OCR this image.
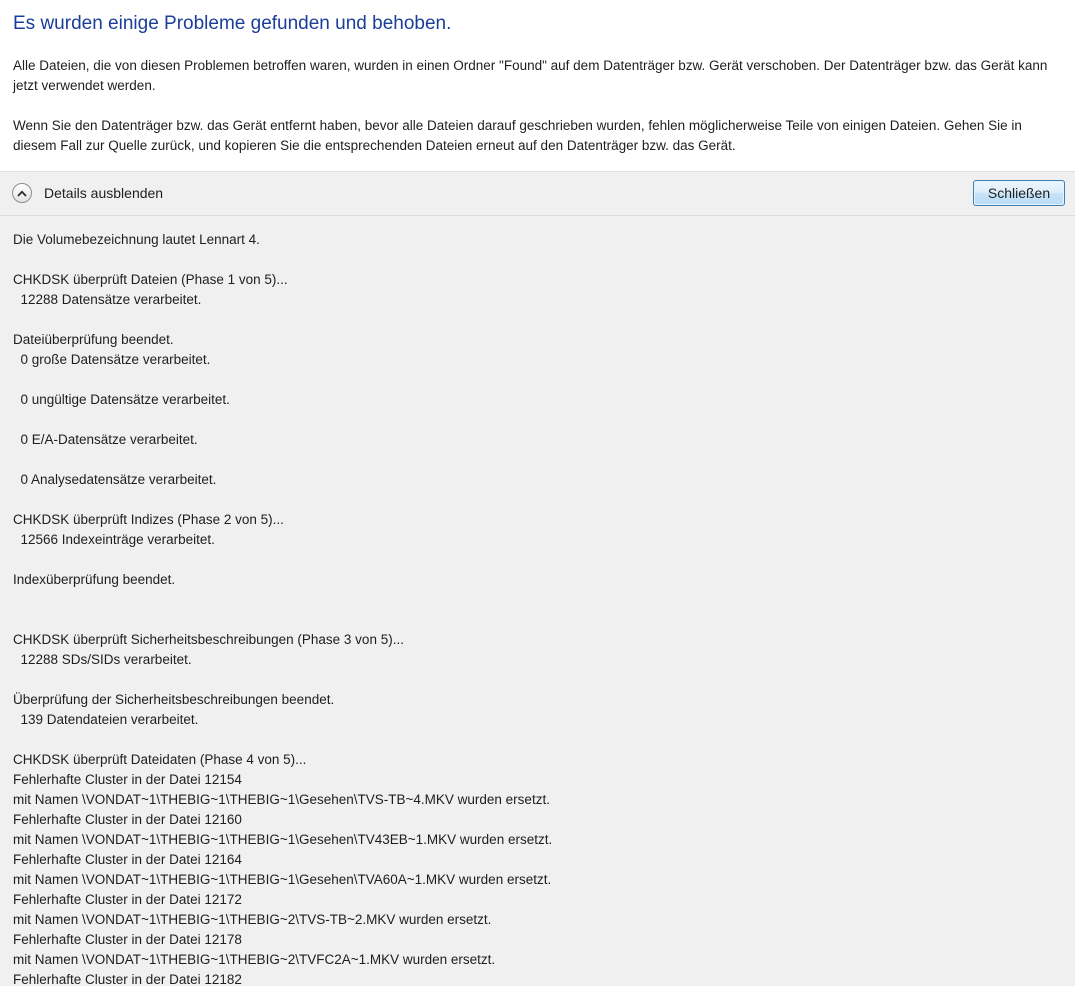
Es wurden einige Probleme gefunden und behoben.
Alle Dateien, die von diesen Problemen betroffen waren, wurden in einen Ordner "Found" auf dem Datenträger bzw. Gerät verschoben. Der Datenträger bzw. das Gerät kann jetzt verwendet werden.
Wenn Sie den Datenträger bzw. das Gerät entfernt haben, bevor alle Dateien darauf geschrieben wurden, fehlen möglicherweise Teile von einigen Dateien. Gehen Sie in diesem Fall zur Quelle zurück, und kopieren Sie die entsprechenden Dateien erneut auf den Datenträger bzw. das Gerät.
Details ausblenden	Schließen
Die Volumebezeichnung lautet Lennart 4.
CHKDSK überprüft Dateien (Phase 1 von 5)...
12288 Datensätze verarbeitet.
Dateiüberprüfung beendet.
0 große Datensätze verarbeitet.
0 ungültige Datensätze verarbeitet.
0 E/A-Datensätze verarbeitet.
0 Analysedatensätze verarbeitet.
CHKDSK überprüft Indizes (Phase 2 von 5)...
12566 Indexeinträge verarbeitet.
Indexüberprüfung beendet.
CHKDSK überprüft Sicherheitsbeschreibungen (Phase 3 von 5)...
12288 SDs/SIDs verarbeitet.
Überprüfung der Sicherheitsbeschreibungen beendet.
139 Datendateien verarbeitet.
CHKDSK überprüft Dateidaten (Phase 4 von 5)...
Fehlerhafte Cluster in der Datei 12154
mit Namen \VONDAT~1\THEBIG~1\THEBIG~1\Gesehen\TVS-TB~4.MKV wurden ersetzt.
Fehlerhafte Cluster in der Datei 12160
mit Namen \VONDAT~1\THEBIG~1\THEBIG~1\Gesehen\TV43EB~1.MKV wurden ersetzt.
Fehlerhafte Cluster in der Datei 12164
mit Namen \VONDAT~1\THEBIG~1\THEBIG~1\Gesehen\TVA60A~1.MKV wurden ersetzt.
Fehlerhafte Cluster in der Datei 12172
mit Namen \VONDAT~1\THEBIG~1\THEBIG~2\TVS-TB~2.MKV wurden ersetzt.
Fehlerhafte Cluster in der Datei 12178
mit Namen \VONDAT~1\THEBIG~1\THEBIG~2\TVFC2A~1.MKV wurden ersetzt.
Fehlerhafte Cluster in der Datei 12182
